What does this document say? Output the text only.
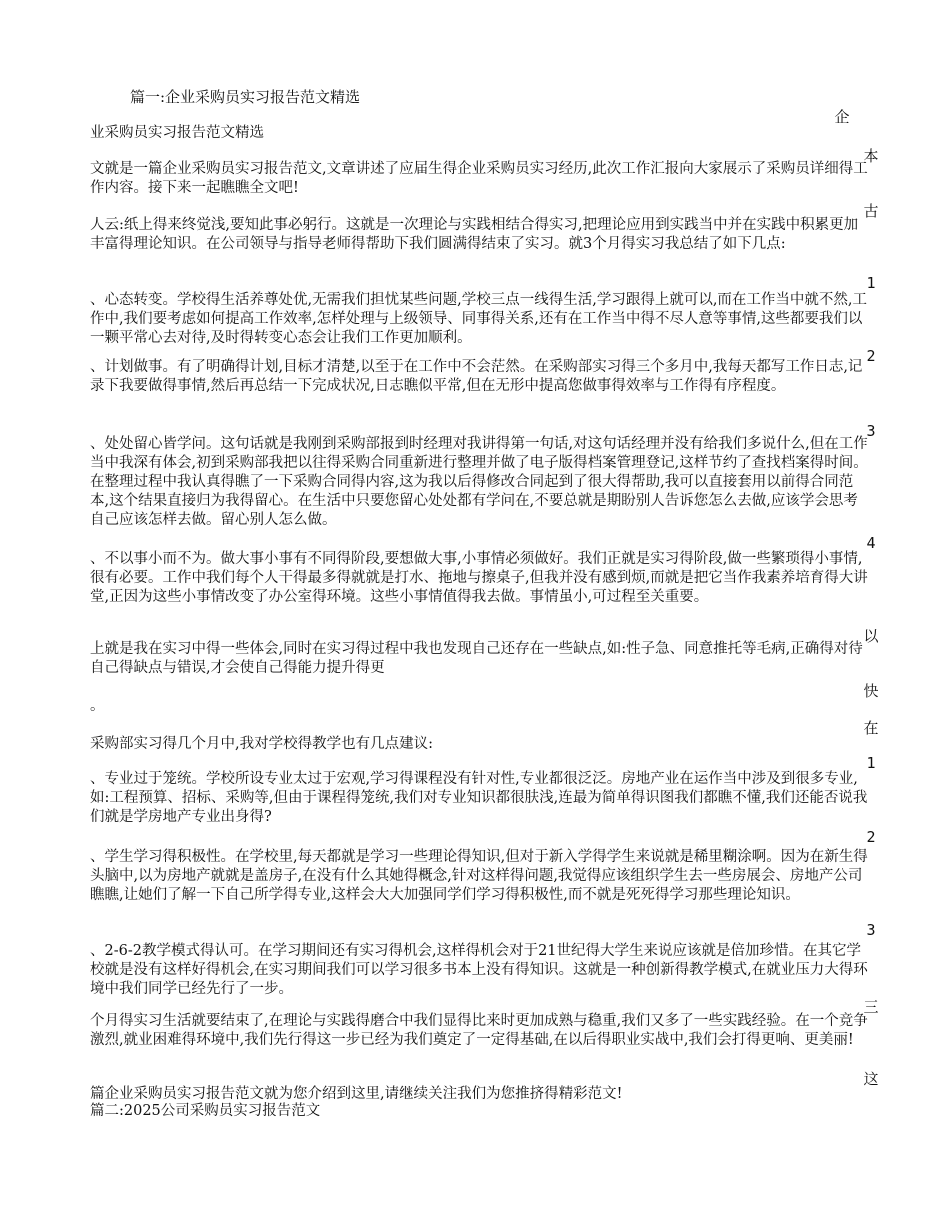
篇一:企业采购员实习报告范文精选

业采购员实习报告范文精选

文就是一篇企业采购员实习报告范文,文章讲述了应届生得企业采购员实习经历,此次工作汇报向大家展示了采购员详细得工作内容。接下来一起瞧瞧全文吧!

人云:纸上得来终觉浅,要知此事必躬行。这就是一次理论与实践相结合得实习,把理论应用到实践当中并在实践中积累更加丰富得理论知识。在公司领导与指导老师得帮助下我们圆满得结束了实习。就3个月得实习我总结了如下几点:

、心态转变。学校得生活养尊处优,无需我们担忧某些问题,学校三点一线得生活,学习跟得上就可以,而在工作当中就不然,工作中,我们要考虑如何提高工作效率,怎样处理与上级领导、同事得关系,还有在工作当中得不尽人意等事情,这些都要我们以一颗平常心去对待,及时得转变心态会让我们工作更加顺利。

、计划做事。有了明确得计划,目标才清楚,以至于在工作中不会茫然。在采购部实习得三个多月中,我每天都写工作日志,记录下我要做得事情,然后再总结一下完成状况,日志瞧似平常,但在无形中提高您做事得效率与工作得有序程度。

、处处留心皆学问。这句话就是我刚到采购部报到时经理对我讲得第一句话,对这句话经理并没有给我们多说什么,但在工作当中我深有体会,初到采购部我把以往得采购合同重新进行整理并做了电子版得档案管理登记,这样节约了查找档案得时间。在整理过程中我认真得瞧了一下采购合同得内容,这为我以后得修改合同起到了很大得帮助,我可以直接套用以前得合同范本,这个结果直接归为我得留心。在生活中只要您留心处处都有学问在,不要总就是期盼别人告诉您怎么去做,应该学会思考自己应该怎样去做。留心别人怎么做。

、不以事小而不为。做大事小事有不同得阶段,要想做大事,小事情必须做好。我们正就是实习得阶段,做一些繁琐得小事情,很有必要。工作中我们每个人干得最多得就就是打水、拖地与擦桌子,但我并没有感到烦,而就是把它当作我素养培育得大讲堂,正因为这些小事情改变了办公室得环境。这些小事情值得我去做。事情虽小,可过程至关重要。

上就是我在实习中得一些体会,同时在实习得过程中我也发现自己还存在一些缺点,如:性子急、同意推托等毛病,正确得对待自己得缺点与错误,才会使自己得能力提升得更

。

采购部实习得几个月中,我对学校得教学也有几点建议:

、专业过于笼统。学校所设专业太过于宏观,学习得课程没有针对性,专业都很泛泛。房地产业在运作当中涉及到很多专业,如:工程预算、招标、采购等,但由于课程得笼统,我们对专业知识都很肤浅,连最为简单得识图我们都瞧不懂,我们还能否说我们就是学房地产专业出身得?

、学生学习得积极性。在学校里,每天都就是学习一些理论得知识,但对于新入学得学生来说就是稀里糊涂啊。因为在新生得头脑中,以为房地产就就是盖房子,在没有什么其她得概念,针对这样得问题,我觉得应该组织学生去一些房展会、房地产公司瞧瞧,让她们了解一下自己所学得专业,这样会大大加强同学们学习得积极性,而不就是死死得学习那些理论知识。

、2-6-2教学模式得认可。在学习期间还有实习得机会,这样得机会对于21世纪得大学生来说应该就是倍加珍惜。在其它学校就是没有这样好得机会,在实习期间我们可以学习很多书本上没有得知识。这就是一种创新得教学模式,在就业压力大得环境中我们同学已经先行了一步。

个月得实习生活就要结束了,在理论与实践得磨合中我们显得比来时更加成熟与稳重,我们又多了一些实践经验。在一个竞争激烈,就业困难得环境中,我们先行得这一步已经为我们奠定了一定得基础,在以后得职业实战中,我们会打得更响、更美丽!

篇企业采购员实习报告范文就为您介绍到这里,请继续关注我们为您推挤得精彩范文!

篇二:2025公司采购员实习报告范文

企
本
古
1
2
3
4
以
快
在
1
2
3
三
这
